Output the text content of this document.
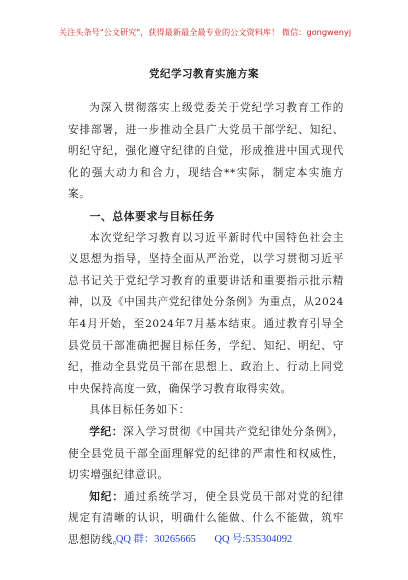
关注头条号"公文研究"，获得最新最全最专业的公文资料库！ 微信：gongwenyj
党纪学习教育实施方案

为深入贯彻落实上级党委关于党纪学习教育工作的安排部署，进一步推动全县广大党员干部学纪、知纪、明纪守纪，强化遵守纪律的自觉，形成推进中国式现代化的强大动力和合力，现结合**实际，制定本实施方案。

一、总体要求与目标任务

本次党纪学习教育以习近平新时代中国特色社会主义思想为指导，坚持全面从严治党，以学习贯彻习近平总书记关于党纪学习教育的重要讲话和重要指示批示精神，以及《中国共产党纪律处分条例》为重点，从2024年4月开始，至2024年7月基本结束。通过教育引导全县党员干部准确把握目标任务，学纪、知纪、明纪、守纪，推动全县党员干部在思想上、政治上、行动上同党中央保持高度一致，确保学习教育取得实效。

具体目标任务如下：

学纪：深入学习贯彻《中国共产党纪律处分条例》，使全县党员干部全面理解党的纪律的严肃性和权威性，切实增强纪律意识。

知纪：通过系统学习，使全县党员干部对党的纪律规定有清晰的认识，明确什么能做、什么不能做，筑牢思想防线。

QQ 群：30265665 QQ 号:535304092
